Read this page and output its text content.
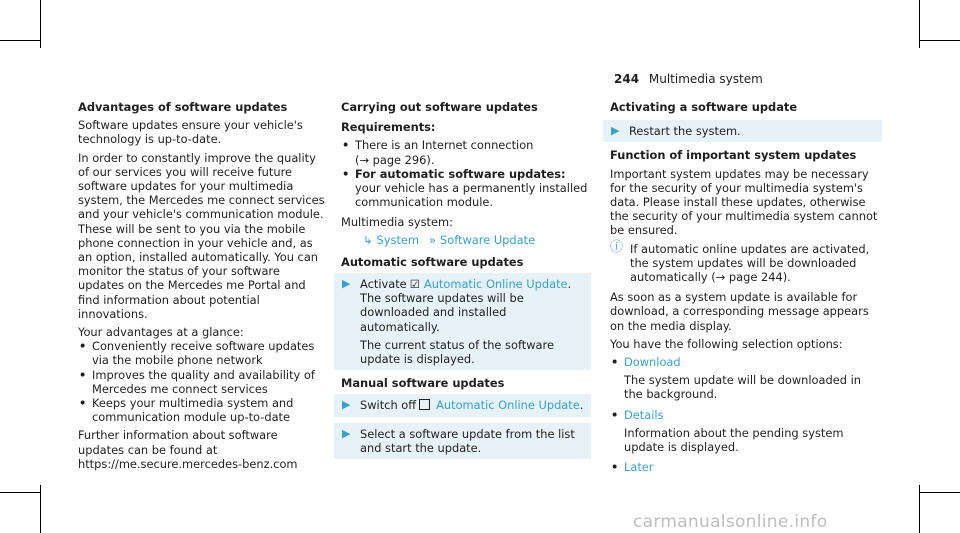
244 Multimedia system

Advantages of software updates

Software updates ensure your vehicle's technology is up-to-date.

In order to constantly improve the quality of our services you will receive future software updates for your multimedia system, the Mercedes me connect services and your vehicle's communication module. These will be sent to you via the mobile phone connection in your vehicle and, as an option, installed automatically. You can monitor the status of your software updates on the Mercedes me Portal and find information about potential innovations.

Your advantages at a glance:

• Conveniently receive software updates via the mobile phone network
• Improves the quality and availability of Mercedes me connect services
• Keeps your multimedia system and communication module up-to-date

Further information about software updates can be found at https://me.secure.mercedes-benz.com

Carrying out software updates

Requirements:

• There is an Internet connection
(→ page 296).
• For automatic software updates: your vehicle has a permanently installed communication module.

Multimedia system:

↳ System » Software Update

Automatic software updates

▶ Activate ☑ Automatic Online Update.
The software updates will be downloaded and installed automatically.
The current status of the software update is displayed.

Manual software updates

▶ Switch off Automatic Online Update.
▶ Select a software update from the list and start the update.

Activating a software update

▶ Restart the system.

Function of important system updates

Important system updates may be necessary for the security of your multimedia system's data. Please install these updates, otherwise the security of your multimedia system cannot be ensured.

ⓘ If automatic online updates are activated, the system updates will be downloaded automatically (→ page 244).

As soon as a system update is available for download, a corresponding message appears on the media display.

You have the following selection options:

• Download
The system update will be downloaded in the background.
• Details
Information about the pending system update is displayed.
• Later
carmanualsonline.info
